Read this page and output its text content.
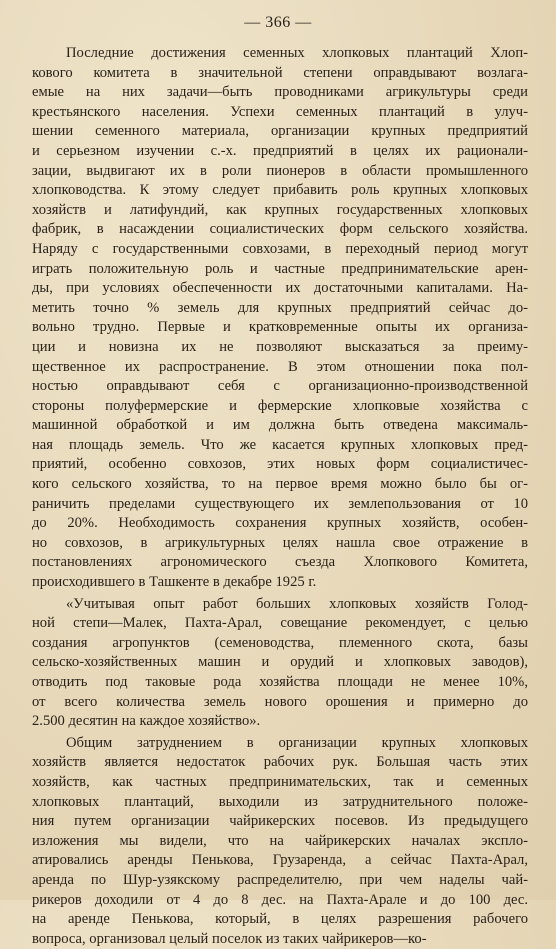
— 366 —

Последние достижения семенных хлопковых плантаций Хлоп-
кового комитета в значительной степени оправдывают возлага-
емые на них задачи—быть проводниками агрикультуры среди
крестьянского населения. Успехи семенных плантаций в улуч-
шении семенного материала, организации крупных предприятий
и серьезном изучении с.-х. предприятий в целях их рационали-
зации, выдвигают их в роли пионеров в области промышленного
хлопководства. К этому следует прибавить роль крупных хлопковых
хозяйств и латифундий, как крупных государственных хлопковых
фабрик, в насаждении социалистических форм сельского хозяйства.
Наряду с государственными совхозами, в переходный период могут
играть положительную роль и частные предпринимательские арен-
ды, при условиях обеспеченности их достаточными капиталами. На-
метить точно % земель для крупных предприятий сейчас до-
вольно трудно. Первые и кратковременные опыты их организа-
ции и новизна их не позволяют высказаться за преиму-
щественное их распространение. В этом отношении пока пол-
ностью оправдывают себя с организационно-производственной
стороны полуфермерские и фермерские хлопковые хозяйства с
машинной обработкой и им должна быть отведена максималь-
ная площадь земель. Что же касается крупных хлопковых пред-
приятий, особенно совхозов, этих новых форм социалистичес-
кого сельского хозяйства, то на первое время можно было бы ог-
раничить пределами существующего их землепользования от 10
до 20%. Необходимость сохранения крупных хозяйств, особен-
но совхозов, в агрикультурных целях нашла свое отражение в
постановлениях агрономического съезда Хлопкового Комитета,
происходившего в Ташкенте в декабре 1925 г.

«Учитывая опыт работ больших хлопковых хозяйств Голод-
ной степи—Малек, Пахта-Арал, совещание рекомендует, с целью
создания агропунктов (семеноводства, племенного скота, базы
сельско-хозяйственных машин и орудий и хлопковых заводов),
отводить под таковые рода хозяйства площади не менее 10%,
от всего количества земель нового орошения и примерно до
2.500 десятин на каждое хозяйство».

Общим затруднением в организации крупных хлопковых
хозяйств является недостаток рабочих рук. Большая часть этих
хозяйств, как частных предпринимательских, так и семенных
хлопковых плантаций, выходили из затруднительного положе-
ния путем организации чайрикерских посевов. Из предыдущего
изложения мы видели, что на чайрикерских началах экспло-
атировались аренды Пенькова, Грузаренда, а сейчас Пахта-Арал,
аренда по Шур-узякскому распределителю, при чем наделы чай-
рикеров доходили от 4 до 8 дес. на Пахта-Арале и до 100 дес.
на аренде Пенькова, который, в целях разрешения рабочего
вопроса, организовал целый поселок из таких чайрикеров—ко-
